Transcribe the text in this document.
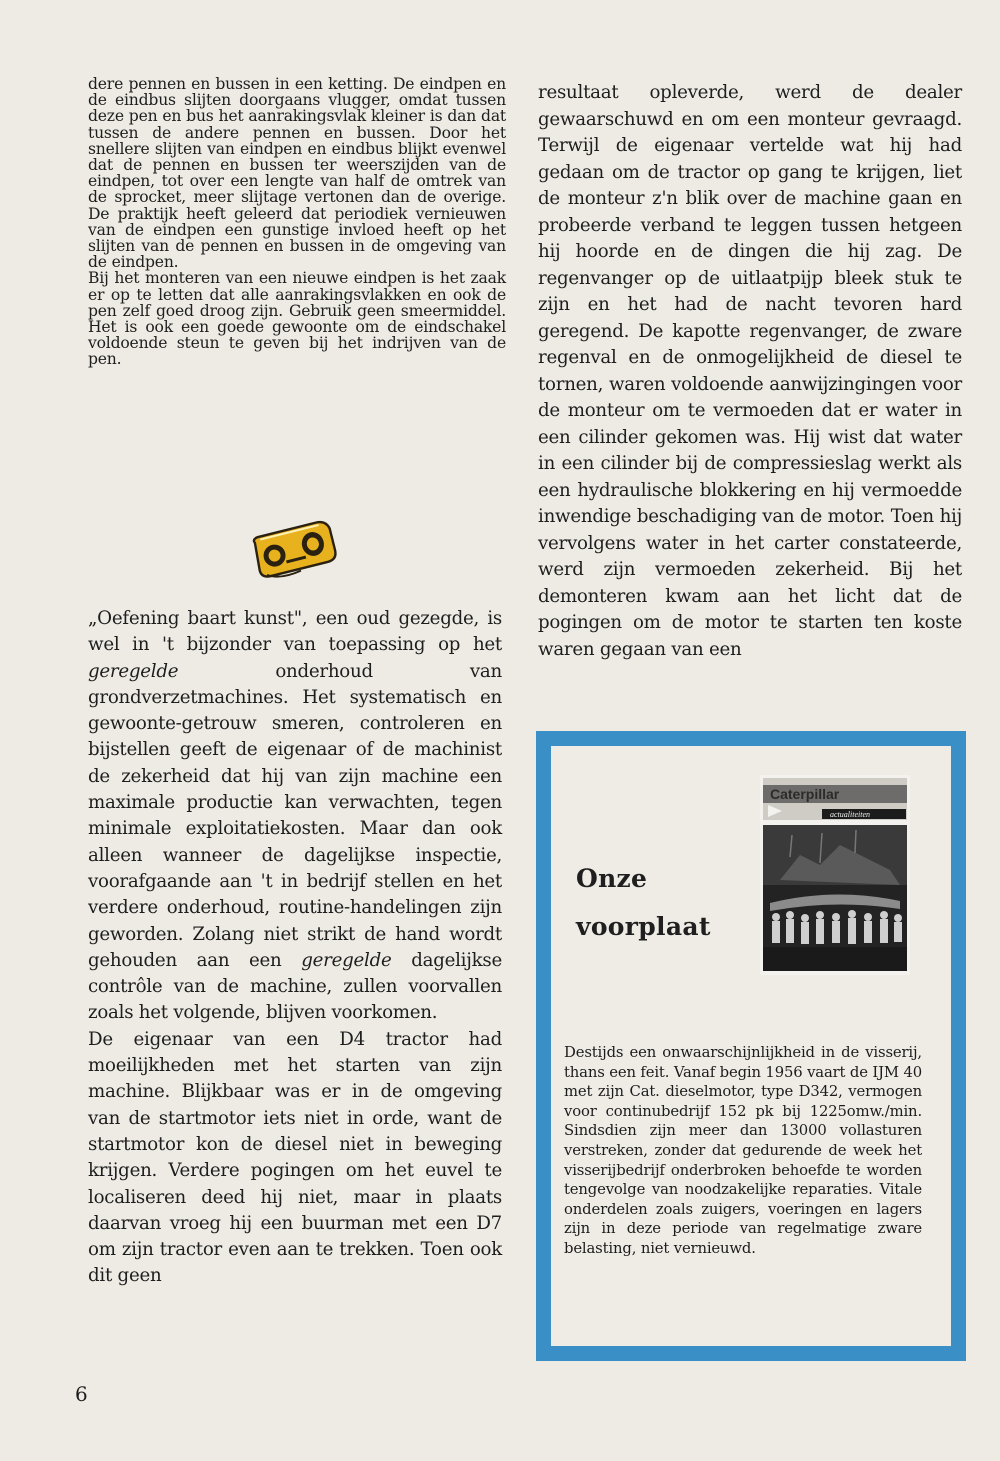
dere pennen en bussen in een ketting. De eindpen en de eindbus slijten doorgaans vlugger, omdat tussen deze pen en bus het aanrakingsvlak kleiner is dan dat tussen de andere pennen en bussen. Door het snellere slijten van eindpen en eindbus blijkt evenwel dat de pennen en bussen ter weerszijden van de eindpen, tot over een lengte van half de omtrek van de sprocket, meer slijtage vertonen dan de overige. De praktijk heeft geleerd dat periodiek vernieuwen van de eindpen een gunstige invloed heeft op het slijten van de pennen en bussen in de omgeving van de eindpen.

Bij het monteren van een nieuwe eindpen is het zaak er op te letten dat alle aanrakingsvlakken en ook de pen zelf goed droog zijn. Gebruik geen smeermiddel. Het is ook een goede gewoonte om de eindschakel voldoende steun te geven bij het indrijven van de pen.

„Oefening baart kunst", een oud gezegde, is wel in 't bijzonder van toepassing op het geregelde onderhoud van grondverzetmachines. Het systematisch en gewoonte-getrouw smeren, controleren en bijstellen geeft de eigenaar of de machinist de zekerheid dat hij van zijn machine een maximale productie kan verwachten, tegen minimale exploitatiekosten. Maar dan ook alleen wanneer de dagelijkse inspectie, voorafgaande aan 't in bedrijf stellen en het verdere onderhoud, routine-handelingen zijn geworden. Zolang niet strikt de hand wordt gehouden aan een geregelde dagelijkse contrôle van de machine, zullen voorvallen zoals het volgende, blijven voorkomen.

De eigenaar van een D4 tractor had moeilijkheden met het starten van zijn machine. Blijkbaar was er in de omgeving van de startmotor iets niet in orde, want de startmotor kon de diesel niet in beweging krijgen. Verdere pogingen om het euvel te localiseren deed hij niet, maar in plaats daarvan vroeg hij een buurman met een D7 om zijn tractor even aan te trekken. Toen ook dit geen

resultaat opleverde, werd de dealer gewaarschuwd en om een monteur gevraagd. Terwijl de eigenaar vertelde wat hij had gedaan om de tractor op gang te krijgen, liet de monteur z'n blik over de machine gaan en probeerde verband te leggen tussen hetgeen hij hoorde en de dingen die hij zag. De regenvanger op de uitlaatpijp bleek stuk te zijn en het had de nacht tevoren hard geregend. De kapotte regenvanger, de zware regenval en de onmogelijkheid de diesel te tornen, waren voldoende aanwijzingingen voor de monteur om te vermoeden dat er water in een cilinder gekomen was. Hij wist dat water in een cilinder bij de compressieslag werkt als een hydraulische blokkering en hij vermoedde inwendige beschadiging van de motor. Toen hij vervolgens water in het carter constateerde, werd zijn vermoeden zekerheid. Bij het demonteren kwam aan het licht dat de pogingen om de motor te starten ten koste waren gegaan van een

Onze
voorplaat
Caterpillar
actualiteiten

Destijds een onwaarschijnlijkheid in de visserij, thans een feit. Vanaf begin 1956 vaart de IJM 40 met zijn Cat. dieselmotor, type D342, vermogen voor continubedrijf 152 pk bij 1225omw./min. Sindsdien zijn meer dan 13000 vollasturen verstreken, zonder dat gedurende de week het visserijbedrijf onderbroken behoefde te worden tengevolge van noodzakelijke reparaties. Vitale onderdelen zoals zuigers, voeringen en lagers zijn in deze periode van regelmatige zware belasting, niet vernieuwd.

6
